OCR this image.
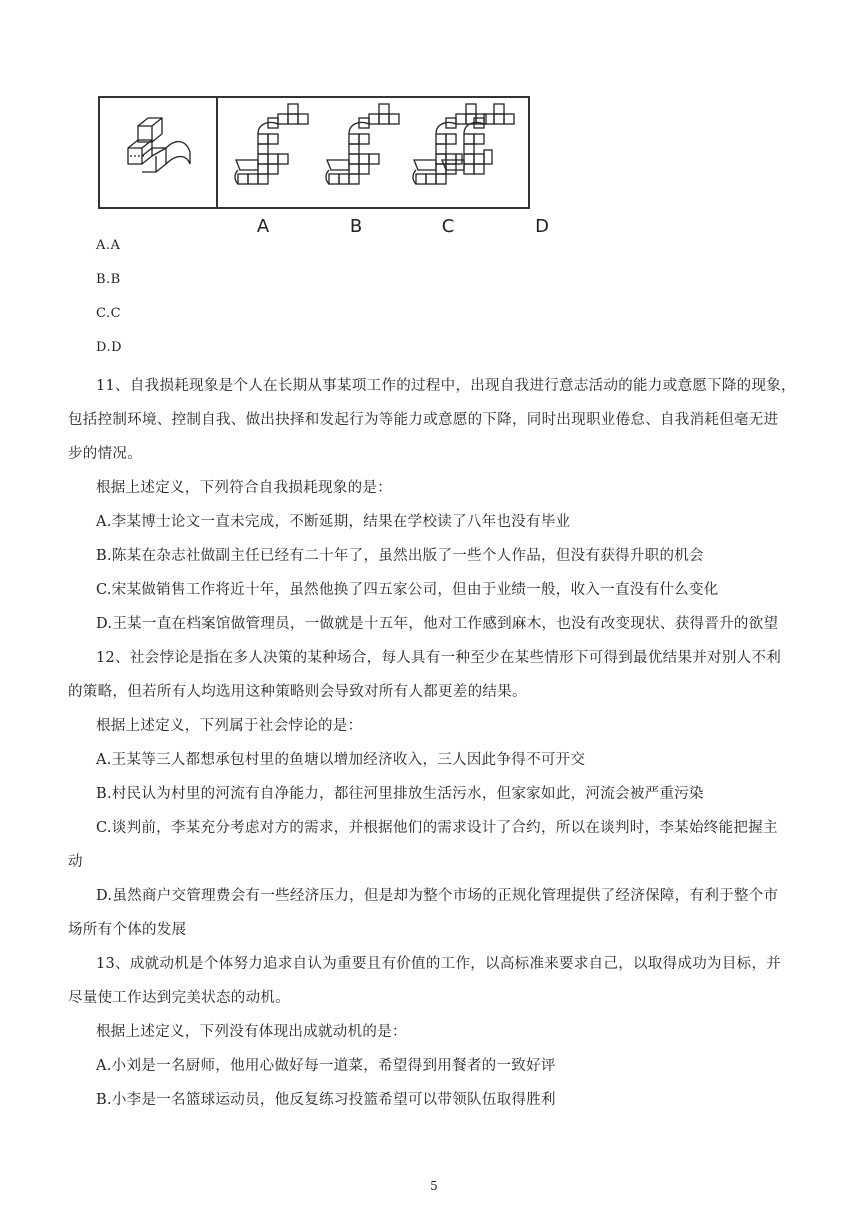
A	B	C	D
A.A
B.B
C.C
D.D
11、自我损耗现象是个人在长期从事某项工作的过程中，出现自我进行意志活动的能力或意愿下降的现象，
包括控制环境、控制自我、做出抉择和发起行为等能力或意愿的下降，同时出现职业倦怠、自我消耗但毫无进
步的情况。
根据上述定义，下列符合自我损耗现象的是：
A.李某博士论文一直未完成，不断延期，结果在学校读了八年也没有毕业
B.陈某在杂志社做副主任已经有二十年了，虽然出版了一些个人作品，但没有获得升职的机会
C.宋某做销售工作将近十年，虽然他换了四五家公司，但由于业绩一般，收入一直没有什么变化
D.王某一直在档案馆做管理员，一做就是十五年，他对工作感到麻木，也没有改变现状、获得晋升的欲望
12、社会悖论是指在多人决策的某种场合，每人具有一种至少在某些情形下可得到最优结果并对别人不利
的策略，但若所有人均选用这种策略则会导致对所有人都更差的结果。
根据上述定义，下列属于社会悖论的是：
A.王某等三人都想承包村里的鱼塘以增加经济收入，三人因此争得不可开交
B.村民认为村里的河流有自净能力，都往河里排放生活污水，但家家如此，河流会被严重污染
C.谈判前，李某充分考虑对方的需求，并根据他们的需求设计了合约，所以在谈判时，李某始终能把握主
动
D.虽然商户交管理费会有一些经济压力，但是却为整个市场的正规化管理提供了经济保障，有利于整个市
场所有个体的发展
13、成就动机是个体努力追求自认为重要且有价值的工作，以高标准来要求自己，以取得成功为目标，并
尽量使工作达到完美状态的动机。
根据上述定义，下列没有体现出成就动机的是：
A.小刘是一名厨师，他用心做好每一道菜，希望得到用餐者的一致好评
B.小李是一名篮球运动员，他反复练习投篮希望可以带领队伍取得胜利
5
